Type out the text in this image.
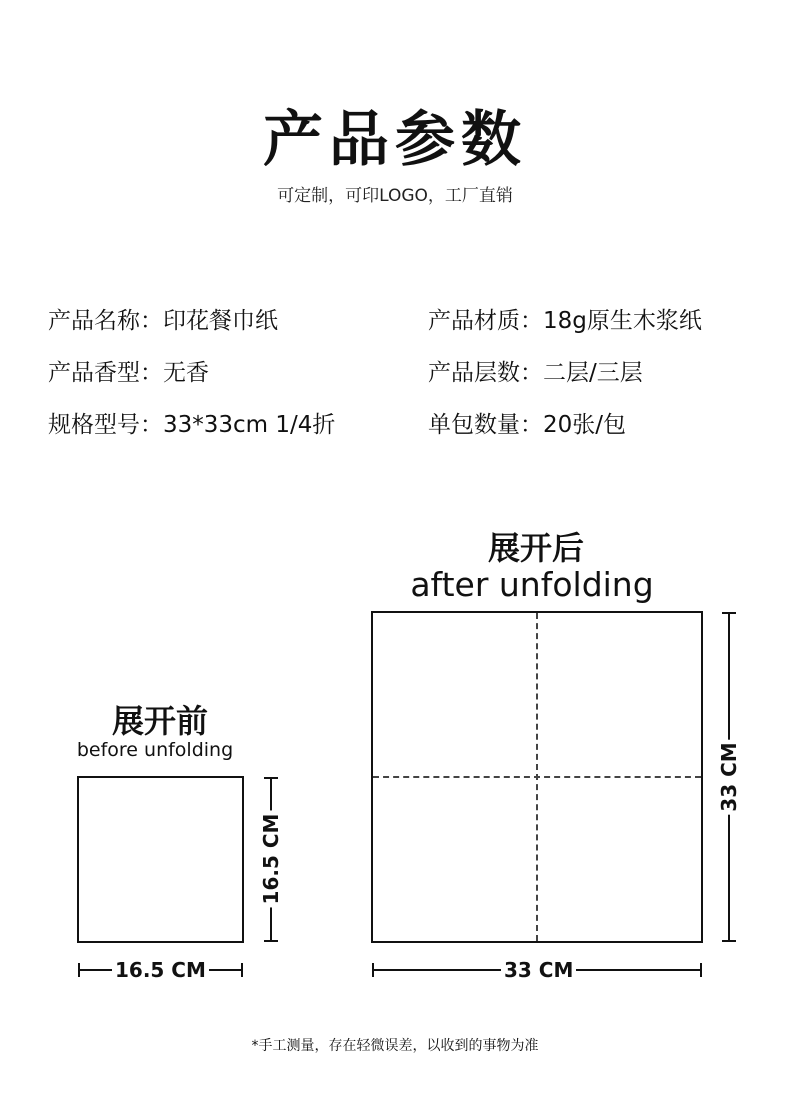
产品参数
可定制，可印LOGO，工厂直销
产品名称：印花餐巾纸	产品材质：18g原生木浆纸
产品香型：无香	产品层数：二层/三层
规格型号：33*33cm 1/4折	单包数量：20张/包
展开后
after unfolding
33 CM
33 CM
展开前
before unfolding
16.5 CM
16.5 CM
*手工测量，存在轻微误差，以收到的事物为准
